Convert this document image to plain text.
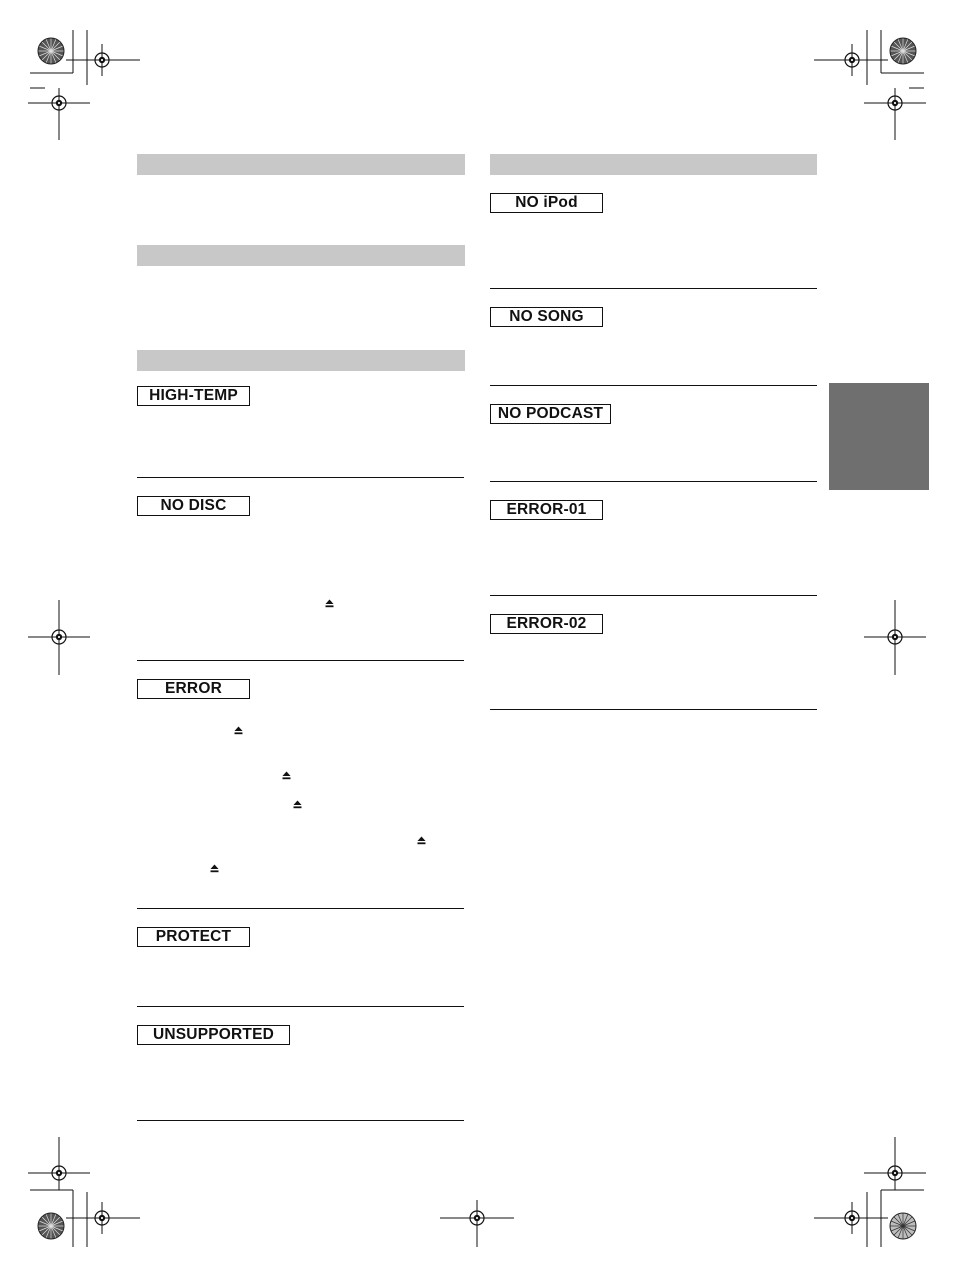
HIGH-TEMP
NO DISC
ERROR
PROTECT
UNSUPPORTED
NO iPod
NO SONG
NO PODCAST
ERROR-01
ERROR-02
